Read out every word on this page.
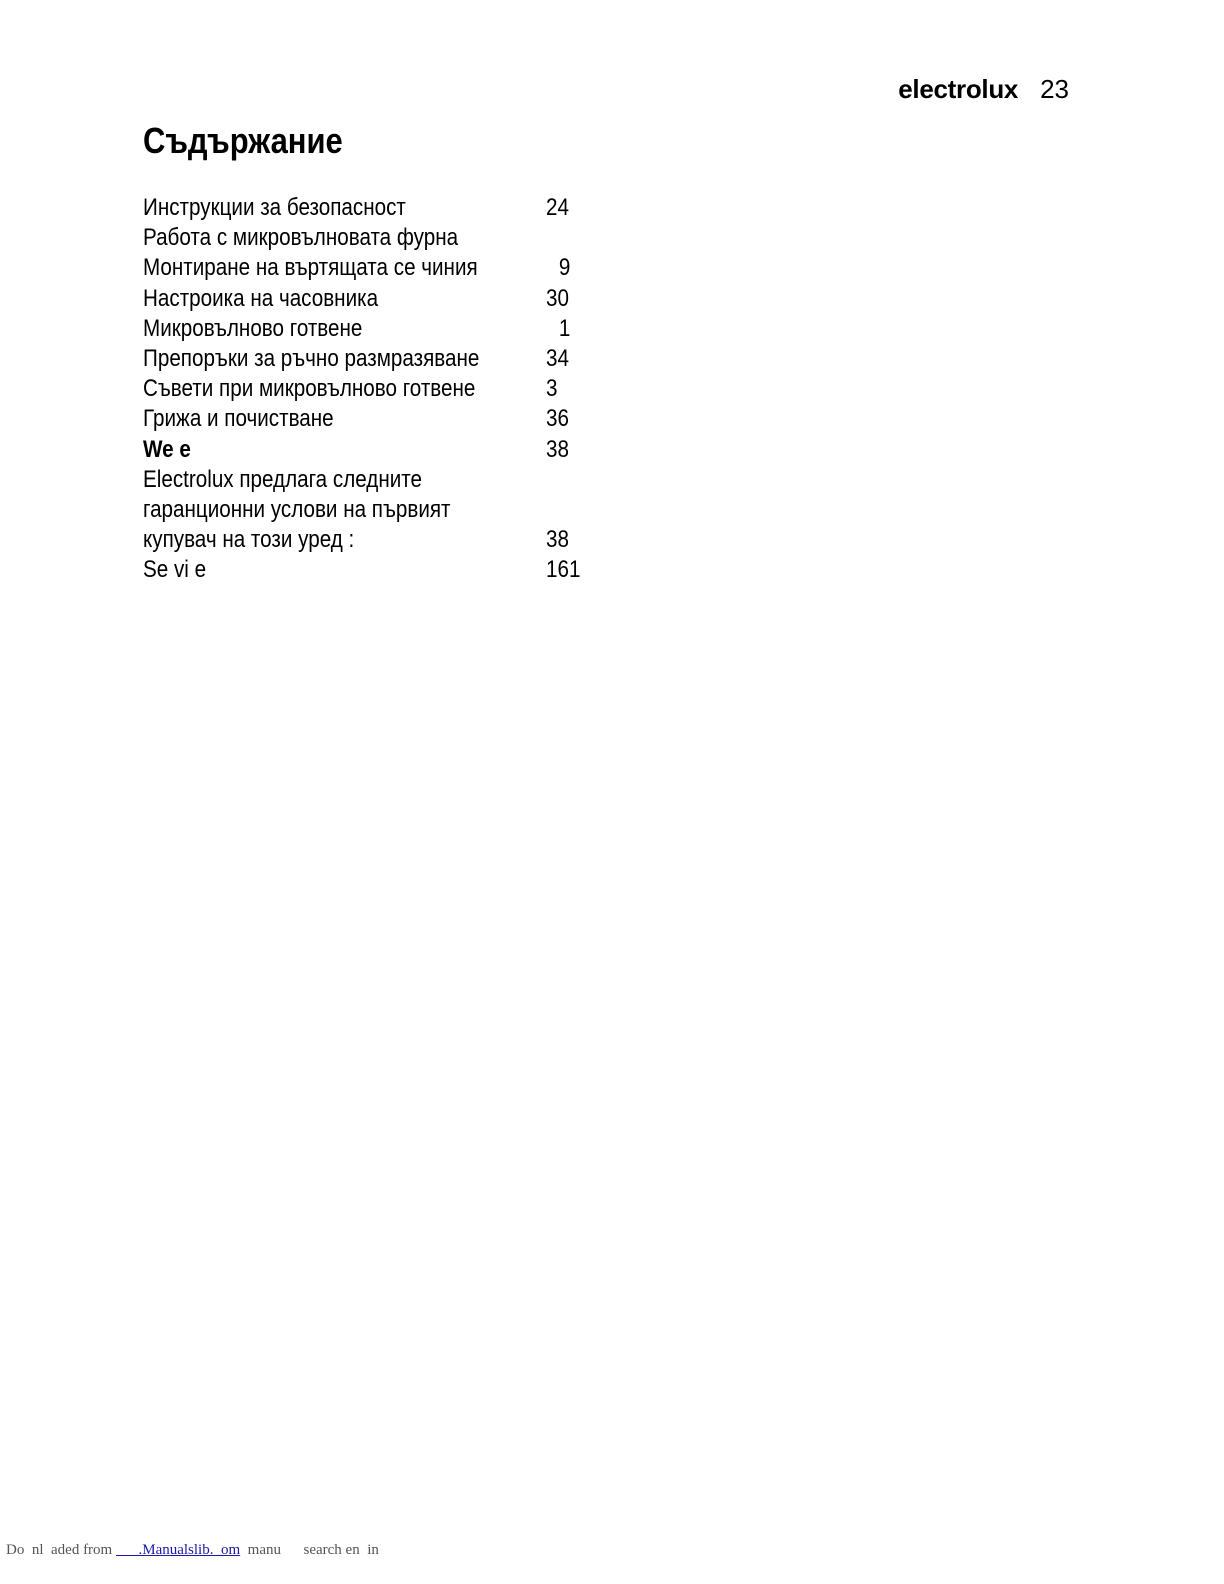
electrolux 23
Съдържание
Инструкции за безопасност	24
Работа с микровълновата фурна
Монтиране на въртящата се чиния	9
Настроика на часовника	30
Микровълново готвене	1
Препоръки за ръчно размразяване	34
Съвети при микровълново готвене	3
Грижа и почистване	36
We e	38
Electrolux предлага следните
гаранционни услови на първият
купувач на този уред :	38
Se vi e	161
Do  nl  aded from       .Manualslib.  om  manu      search en  in
